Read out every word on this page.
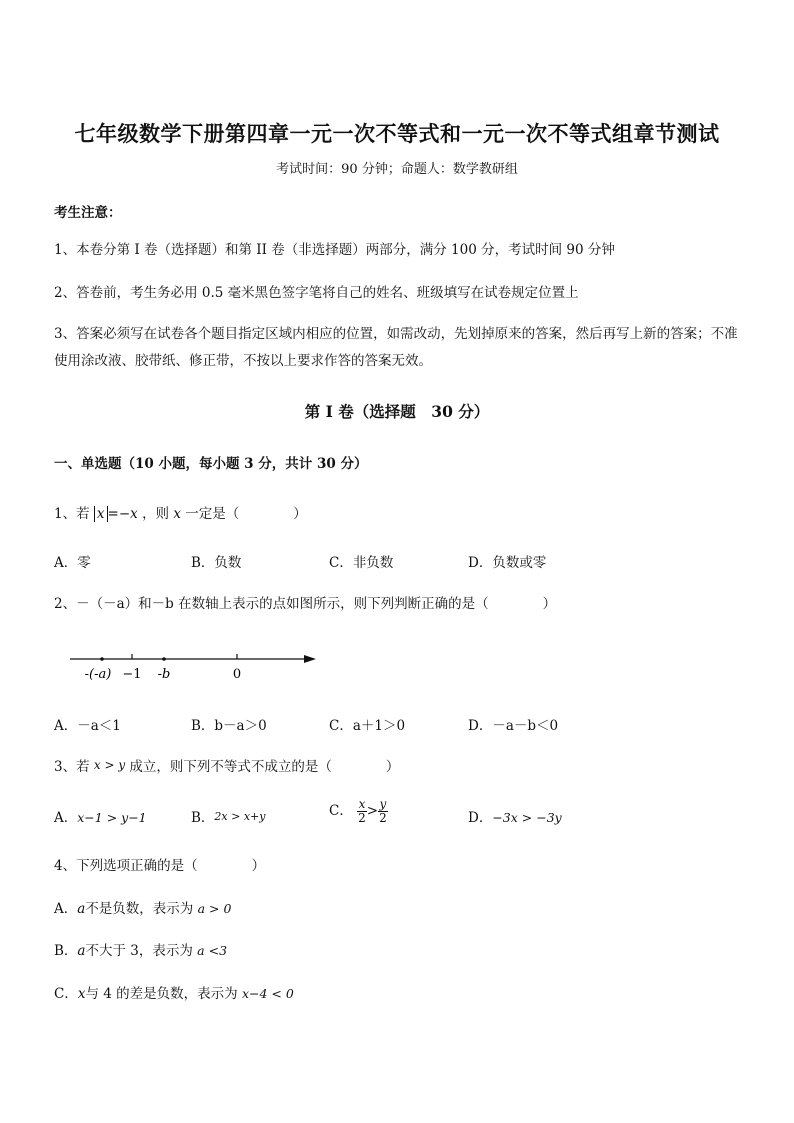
七年级数学下册第四章一元一次不等式和一元一次不等式组章节测试
考试时间：90 分钟；命题人：数学教研组
考生注意：
1、本卷分第 I 卷（选择题）和第 II 卷（非选择题）两部分，满分 100 分，考试时间 90 分钟
2、答卷前，考生务必用 0.5 毫米黑色签字笔将自己的姓名、班级填写在试卷规定位置上
3、答案必须写在试卷各个题目指定区域内相应的位置，如需改动，先划掉原来的答案，然后再写上新的答案；不准使用涂改液、胶带纸、修正带，不按以上要求作答的答案无效。
第 I 卷（选择题　30 分）
一、单选题（10 小题，每小题 3 分，共计 30 分）
1、若 x =−x ，则 x 一定是（　　　　）
A．零	B．负数	C．非负数	D．负数或零
2、－（－a）和－b 在数轴上表示的点如图所示，则下列判断正确的是（　　　　）
-(-a) −1 -b	0
A．－a＜1	B．b－a＞0	C．a＋1＞0	D．－a－b＜0
3、若 x > y 成立，则下列不等式不成立的是（　　　　）
A．x−1 > y−1	B．2x > x+y	C． $\frac{x}{2} > \frac{y}{2}$	D．−3x > −3y
4、下列选项正确的是（　　　　）
A．a不是负数，表示为 a > 0
B．a不大于 3，表示为 a <3
C．x与 4 的差是负数，表示为 x−4 < 0
